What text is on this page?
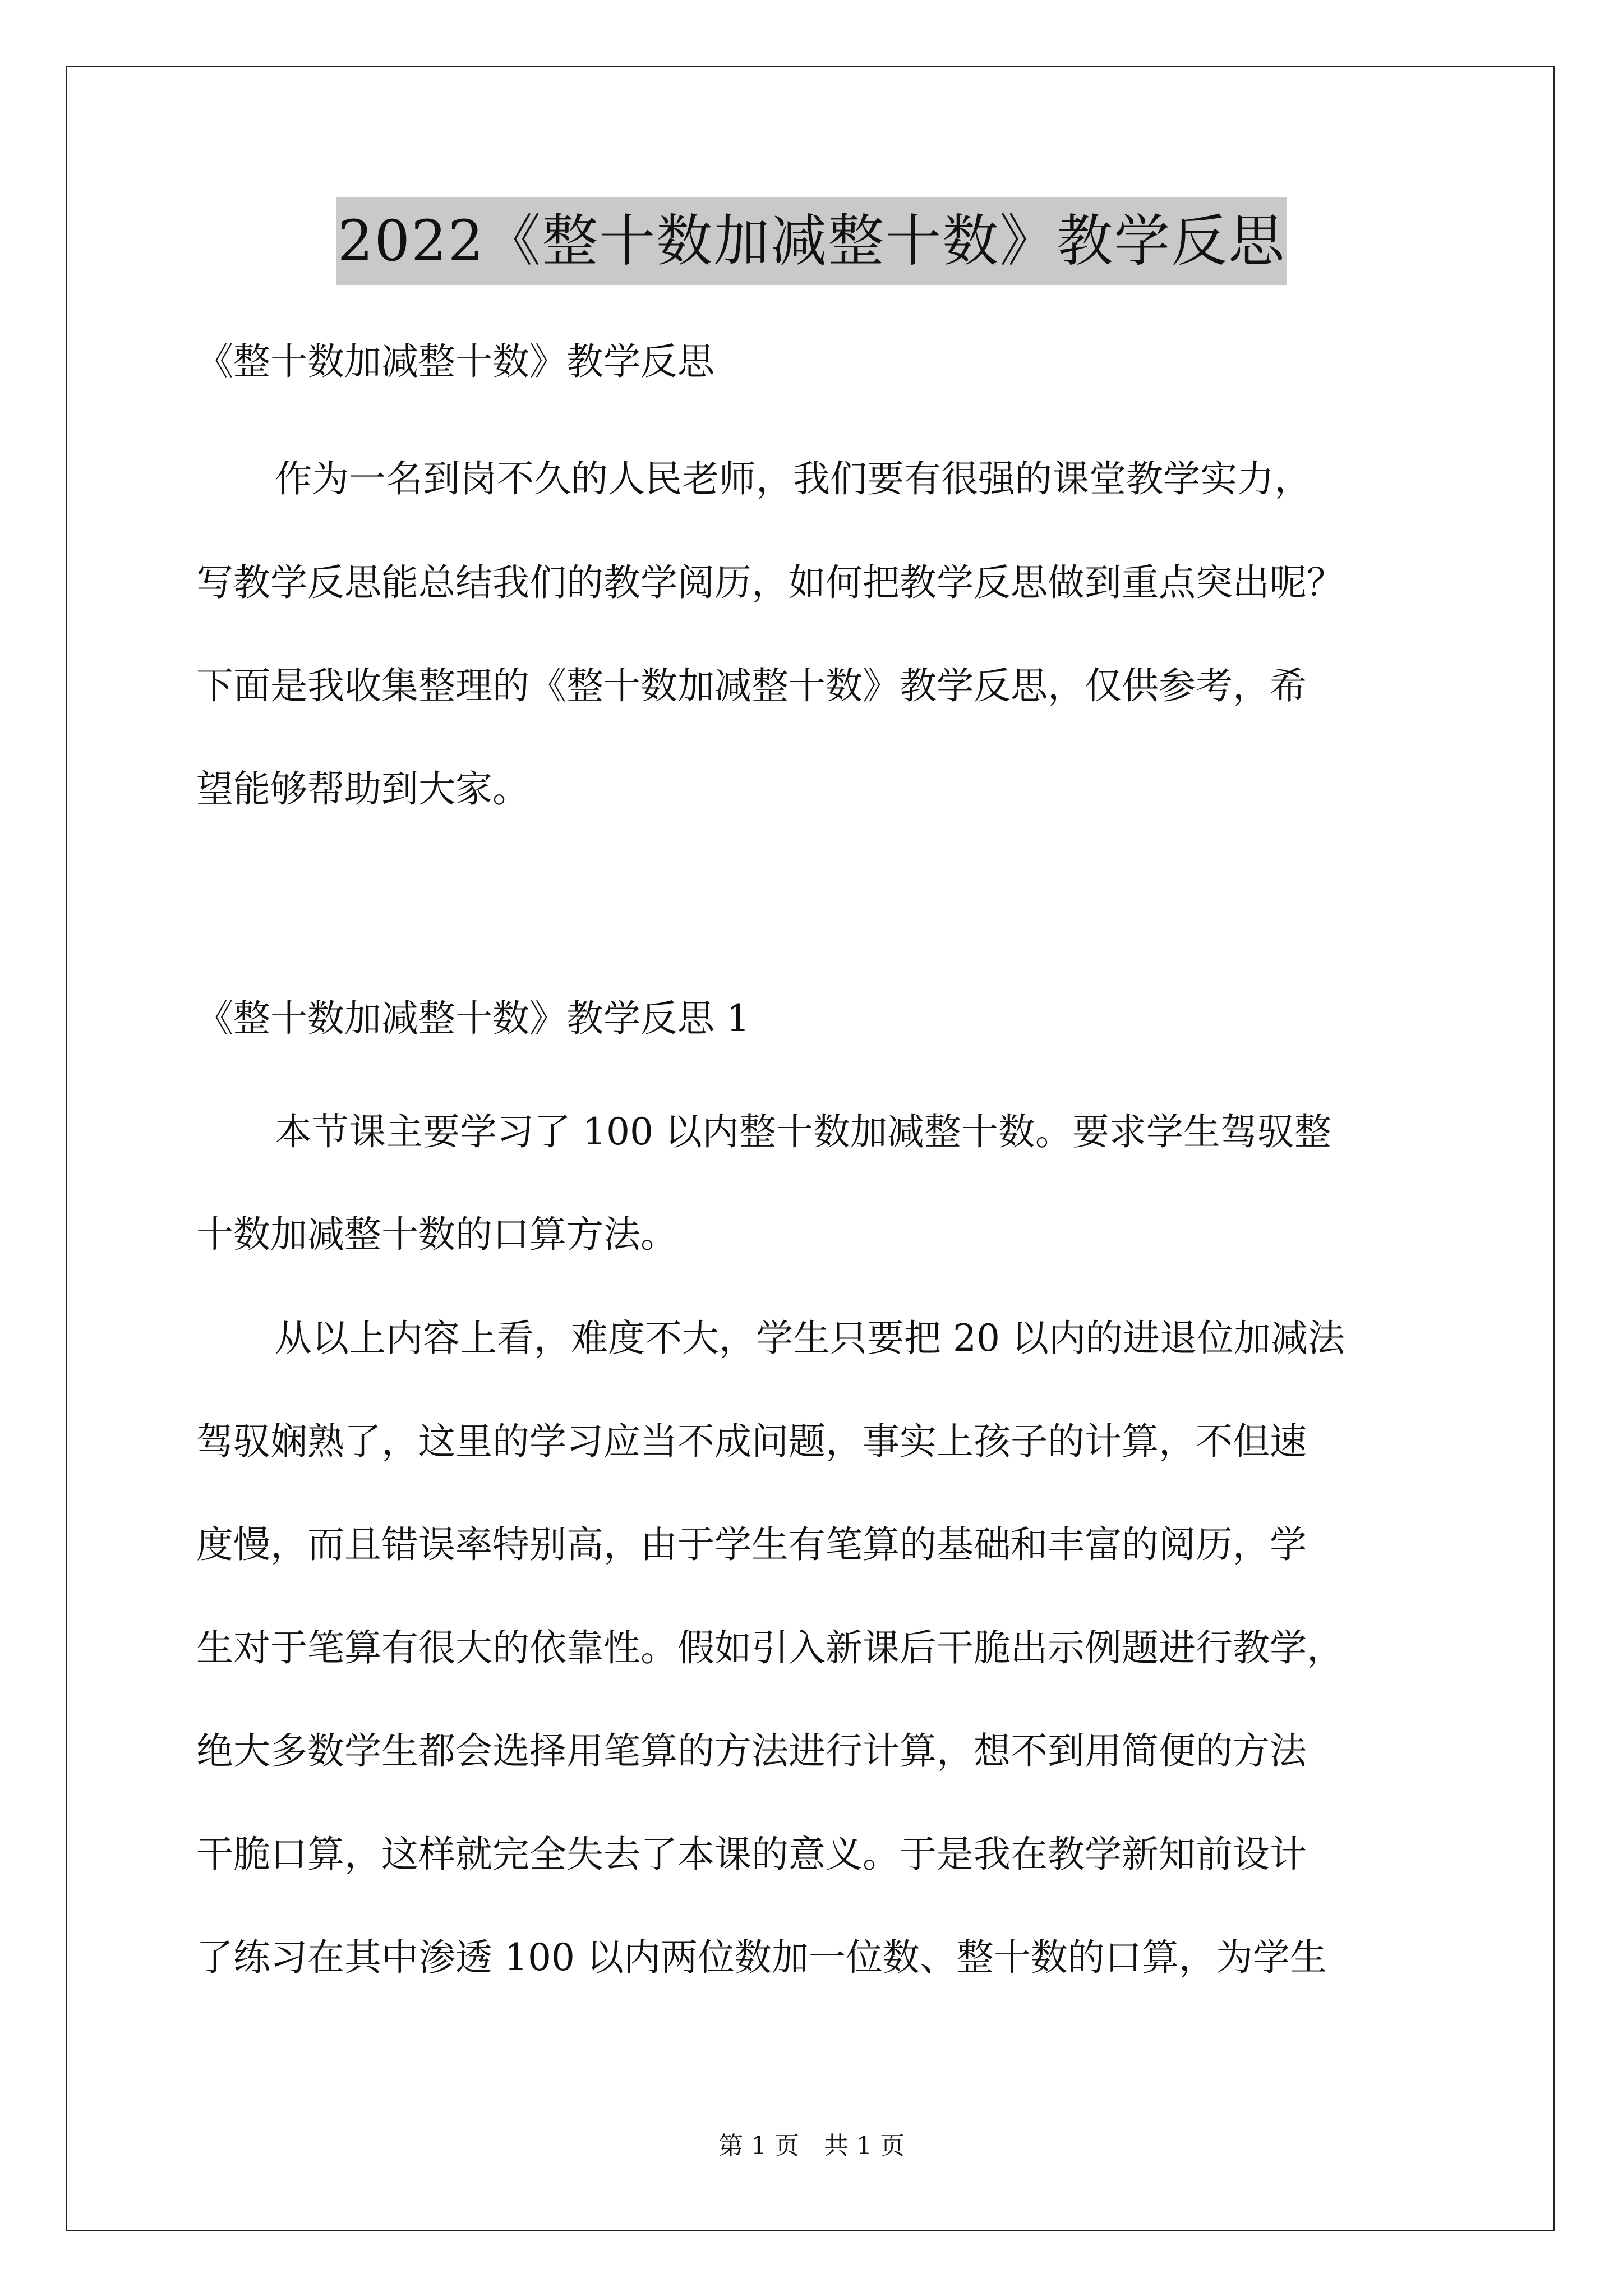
2022《整十数加减整十数》教学反思
《整十数加减整十数》教学反思
作为一名到岗不久的人民老师，我们要有很强的课堂教学实力，
写教学反思能总结我们的教学阅历，如何把教学反思做到重点突出呢？
下面是我收集整理的《整十数加减整十数》教学反思，仅供参考，希
望能够帮助到大家。
《整十数加减整十数》教学反思 1
本节课主要学习了 100 以内整十数加减整十数。要求学生驾驭整
十数加减整十数的口算方法。
从以上内容上看，难度不大，学生只要把 20 以内的进退位加减法
驾驭娴熟了，这里的学习应当不成问题，事实上孩子的计算，不但速
度慢，而且错误率特别高，由于学生有笔算的基础和丰富的阅历，学
生对于笔算有很大的依靠性。假如引入新课后干脆出示例题进行教学，
绝大多数学生都会选择用笔算的方法进行计算，想不到用简便的方法
干脆口算，这样就完全失去了本课的意义。于是我在教学新知前设计
了练习在其中渗透 100 以内两位数加一位数、整十数的口算，为学生
第 1 页　共 1 页
